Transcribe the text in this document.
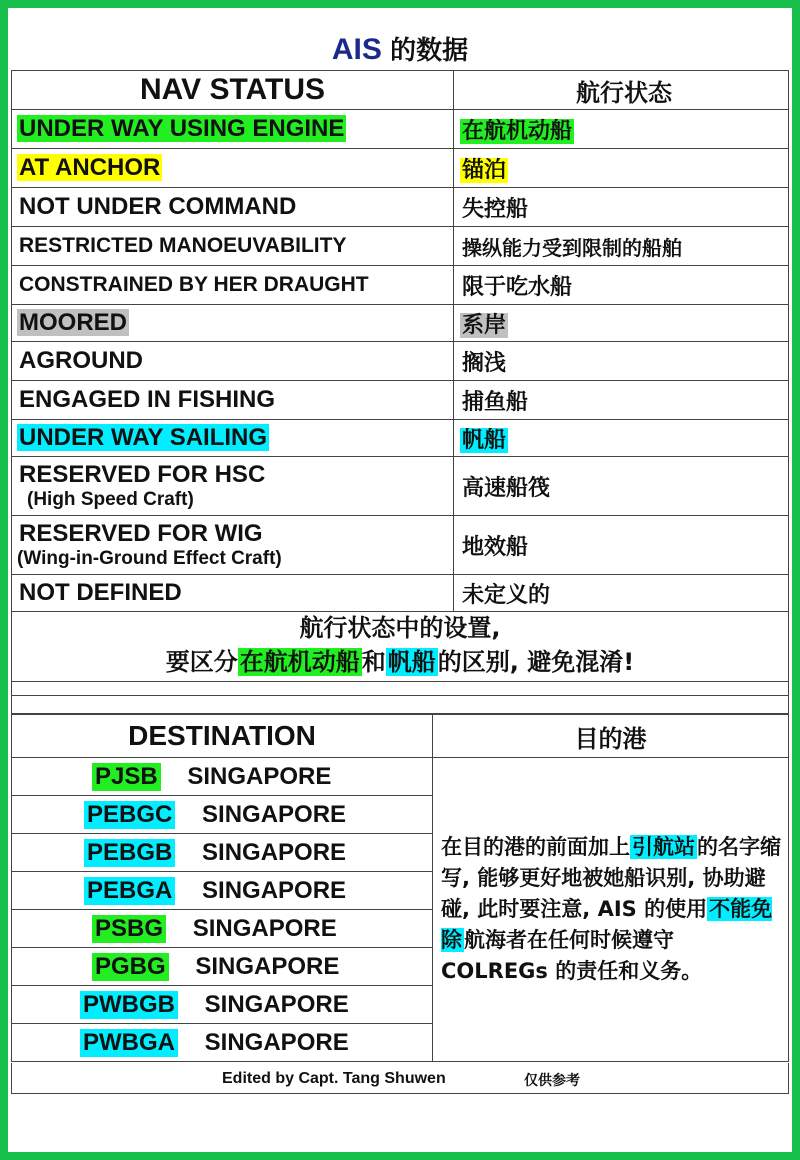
AIS 的数据
NAV STATUS	航行状态
UNDER WAY USING ENGINE	在航机动船
AT ANCHOR	锚泊
NOT UNDER COMMAND	失控船
RESTRICTED MANOEUVABILITY	操纵能力受到限制的船舶
CONSTRAINED BY HER DRAUGHT	限于吃水船
MOORED	系岸
AGROUND	搁浅
ENGAGED IN FISHING	捕鱼船
UNDER WAY SAILING	帆船
RESERVED FOR HSC
(High Speed Craft)	高速船筏
RESERVED FOR WIG
(Wing-in-Ground Effect Craft)	地效船
NOT DEFINED	未定义的
航行状态中的设置,
要区分在航机动船和帆船的区别, 避免混淆!
DESTINATION	目的港
PJSB SINGAPORE	在目的港的前面加上引航站的名字缩写, 能够更好地被她船识别, 协助避碰, 此时要注意, AIS 的使用不能免除航海者在任何时候遵守 COLREGs 的责任和义务。
PEBGC SINGAPORE	
PEBGB SINGAPORE	
PEBGA SINGAPORE	
PSBG SINGAPORE	
PGBG SINGAPORE	
PWBGB SINGAPORE	
PWBGA SINGAPORE	
Edited by Capt. Tang Shuwen	仅供参考
